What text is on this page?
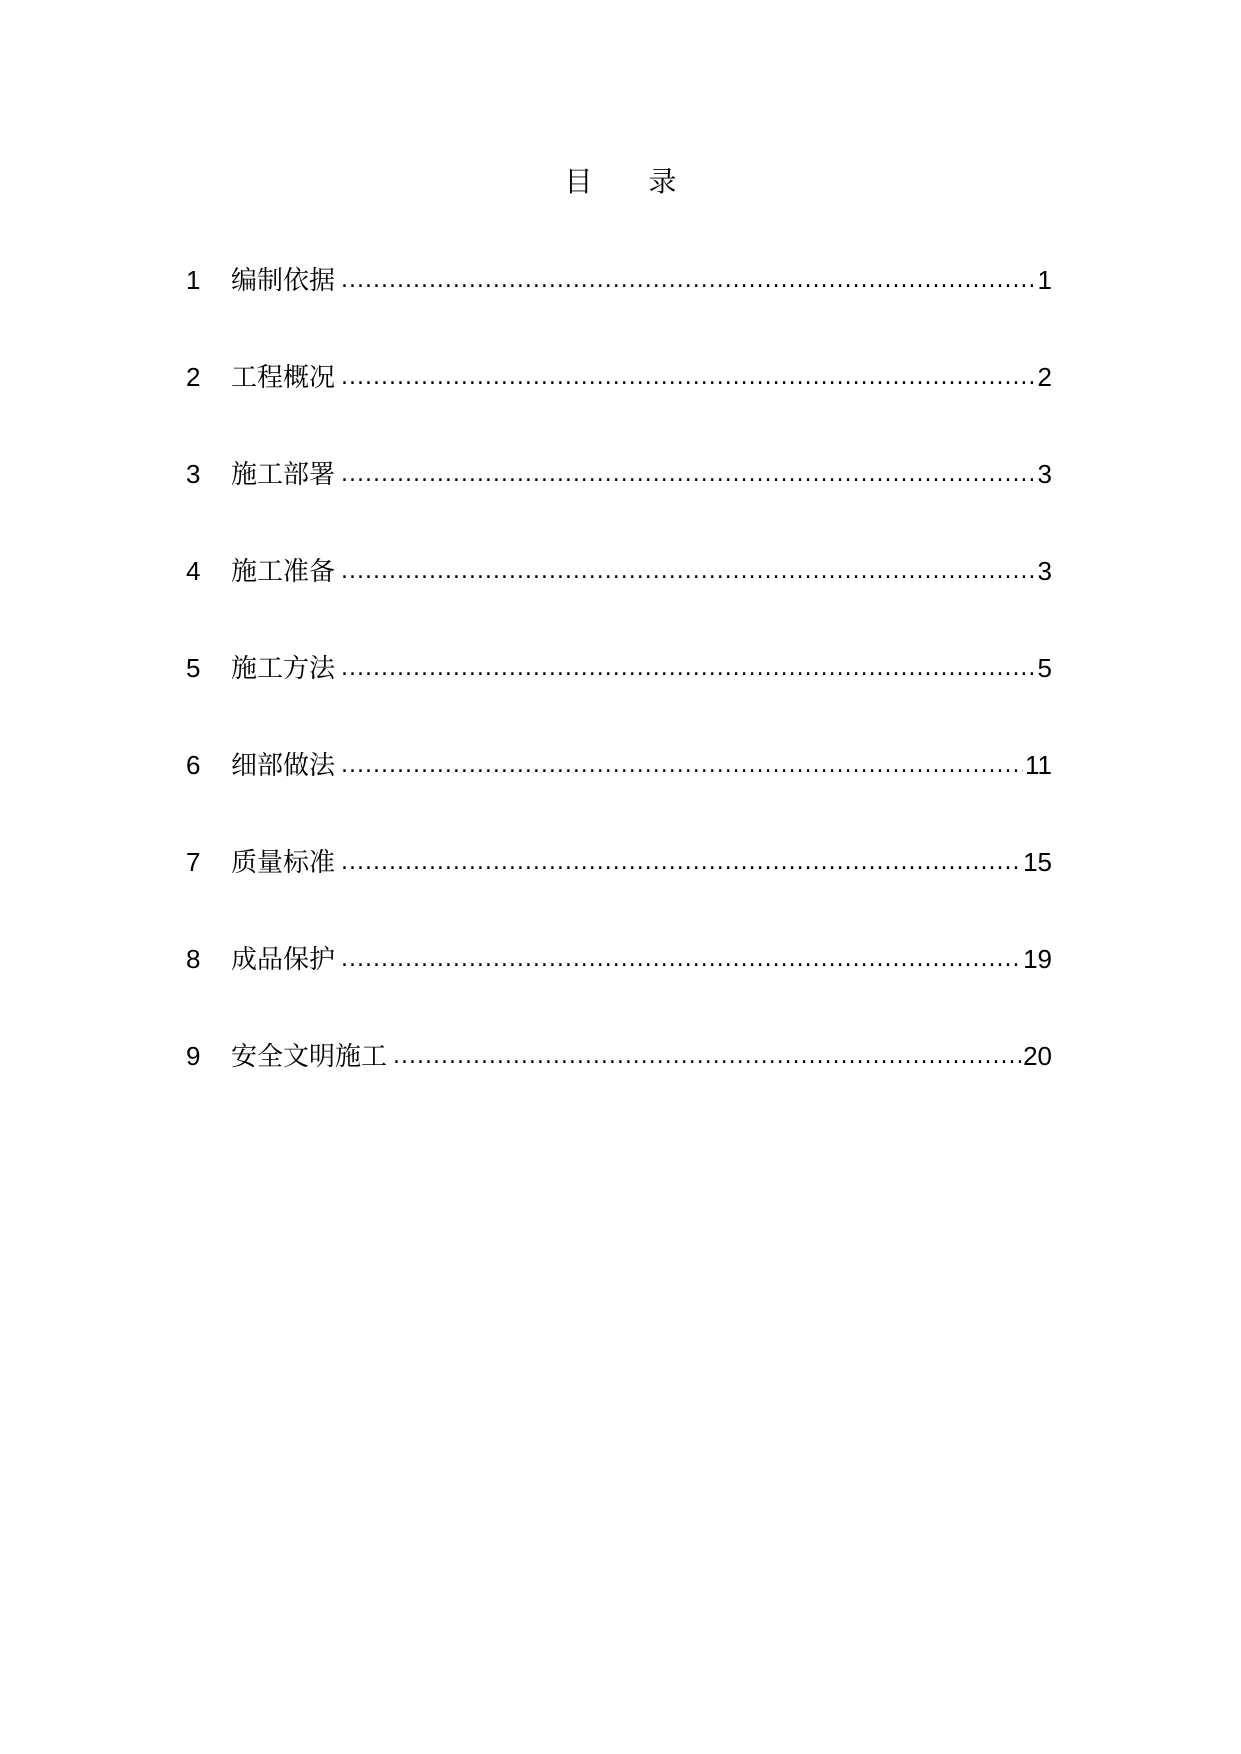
目　　录
1	编制依据 .....	1
2	工程概况 .....	2
3	施工部署 .....	3
4	施工准备 .....	3
5	施工方法 .....	5
6	细部做法 .....	11
7	质量标准 .....	15
8	成品保护 .....	19
9	安全文明施工 .....	20
